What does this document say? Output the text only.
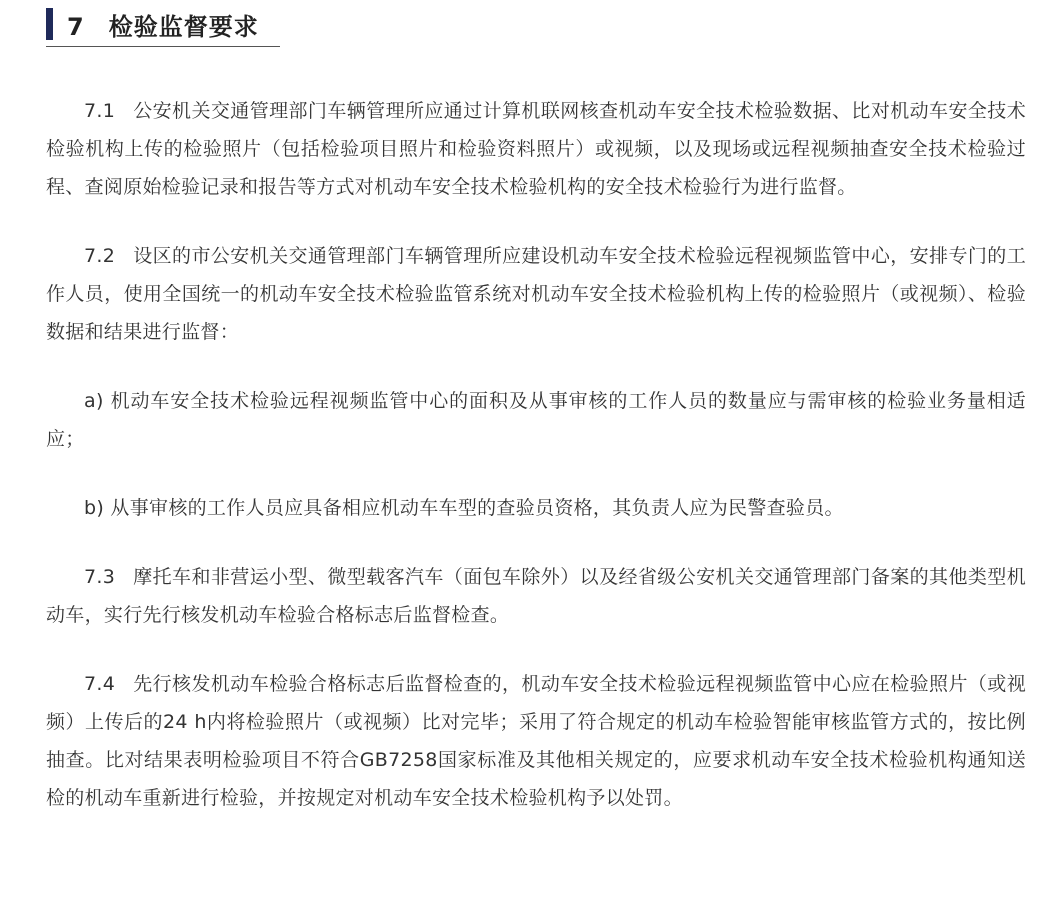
7 检验监督要求

7.1 公安机关交通管理部门车辆管理所应通过计算机联网核查机动车安全技术检验数据、比对机动车安全技术检验机构上传的检验照片（包括检验项目照片和检验资料照片）或视频，以及现场或远程视频抽查安全技术检验过程、查阅原始检验记录和报告等方式对机动车安全技术检验机构的安全技术检验行为进行监督。

7.2 设区的市公安机关交通管理部门车辆管理所应建设机动车安全技术检验远程视频监管中心，安排专门的工作人员，使用全国统一的机动车安全技术检验监管系统对机动车安全技术检验机构上传的检验照片（或视频）、检验数据和结果进行监督：

a) 机动车安全技术检验远程视频监管中心的面积及从事审核的工作人员的数量应与需审核的检验业务量相适应；

b) 从事审核的工作人员应具备相应机动车车型的查验员资格，其负责人应为民警查验员。

7.3 摩托车和非营运小型、微型载客汽车（面包车除外）以及经省级公安机关交通管理部门备案的其他类型机动车，实行先行核发机动车检验合格标志后监督检查。

7.4 先行核发机动车检验合格标志后监督检查的，机动车安全技术检验远程视频监管中心应在检验照片（或视频）上传后的24 h内将检验照片（或视频）比对完毕；采用了符合规定的机动车检验智能审核监管方式的，按比例抽查。比对结果表明检验项目不符合GB7258国家标准及其他相关规定的，应要求机动车安全技术检验机构通知送检的机动车重新进行检验，并按规定对机动车安全技术检验机构予以处罚。
